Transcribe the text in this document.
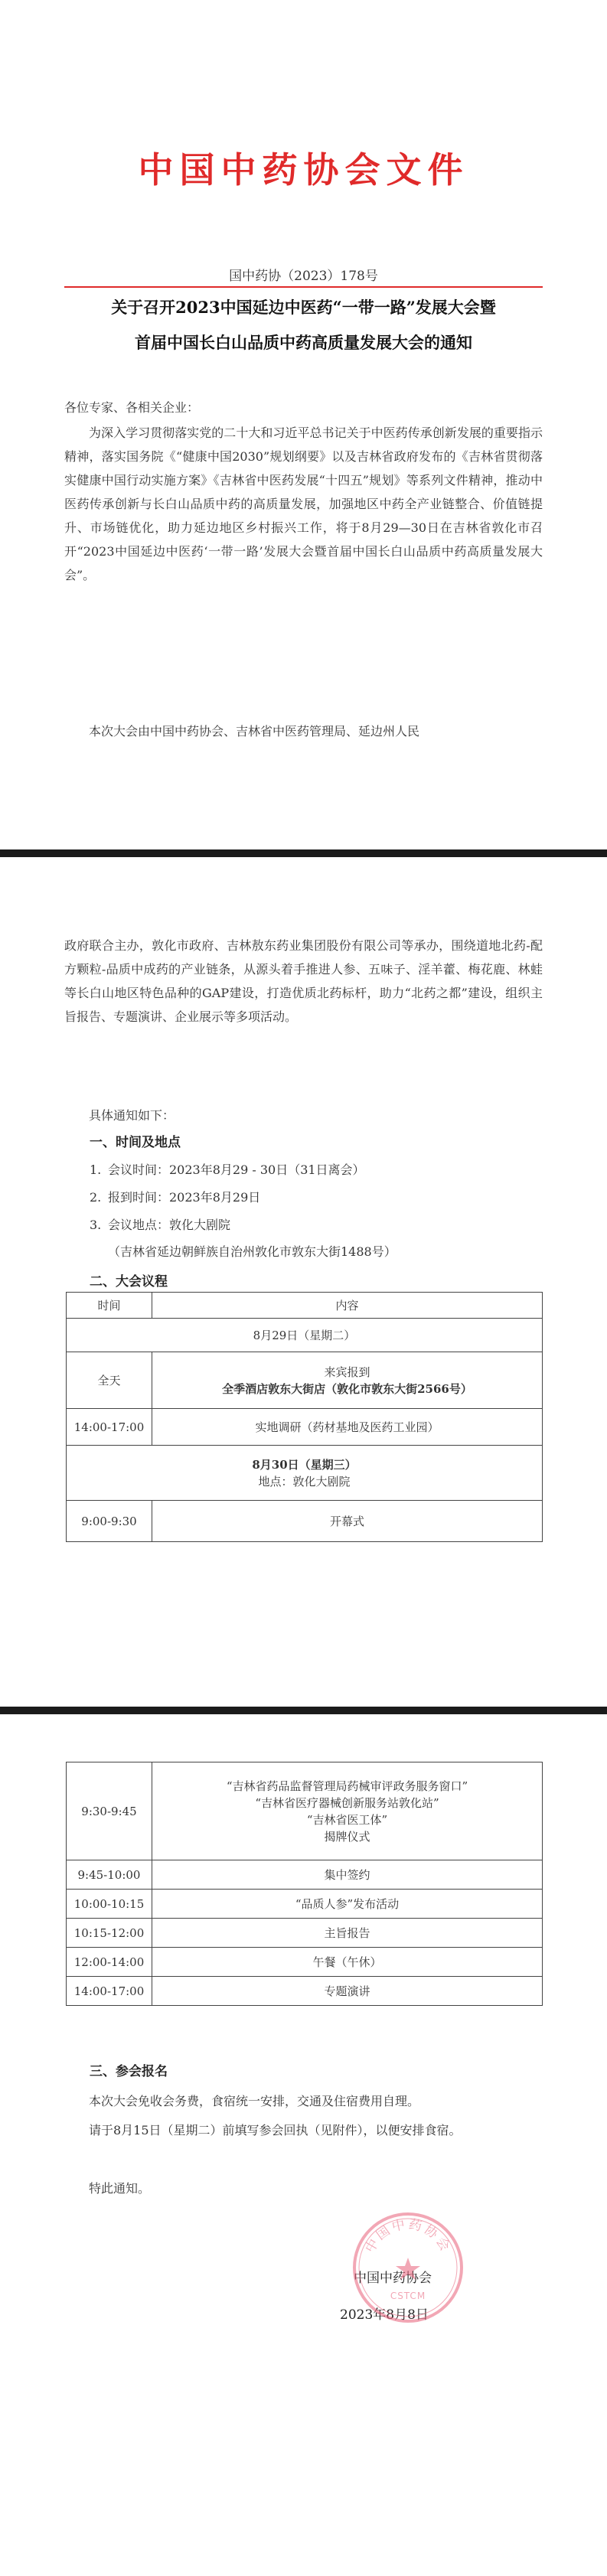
中国中药协会文件
国中药协（2023）178号
关于召开2023中国延边中医药“一带一路”发展大会暨
首届中国长白山品质中药高质量发展大会的通知
各位专家、各相关企业：
为深入学习贯彻落实党的二十大和习近平总书记关于中医药传承创新发展的重要指示精神，落实国务院《“健康中国2030”规划纲要》以及吉林省政府发布的《吉林省贯彻落实健康中国行动实施方案》《吉林省中医药发展“十四五”规划》等系列文件精神，推动中医药传承创新与长白山品质中药的高质量发展，加强地区中药全产业链整合、价值链提升、市场链优化，助力延边地区乡村振兴工作，将于8月29—30日在吉林省敦化市召开“2023中国延边中医药‘一带一路’发展大会暨首届中国长白山品质中药高质量发展大会”。
本次大会由中国中药协会、吉林省中医药管理局、延边州人民
政府联合主办，敦化市政府、吉林敖东药业集团股份有限公司等承办，围绕道地北药-配方颗粒-品质中成药的产业链条，从源头着手推进人参、五味子、淫羊藿、梅花鹿、林蛙等长白山地区特色品种的GAP建设，打造优质北药标杆，助力“北药之都”建设，组织主旨报告、专题演讲、企业展示等多项活动。
具体通知如下：
一、时间及地点
1. 会议时间：2023年8月29 - 30日（31日离会）
2. 报到时间：2023年8月29日
3. 会议地点：敦化大剧院
（吉林省延边朝鲜族自治州敦化市敦东大街1488号）
二、大会议程
时间	内容
8月29日（星期二）	
全天	来宾报到
全季酒店敦东大街店（敦化市敦东大街2566号）

14:00-17:00	实地调研（药材基地及医药工业园）

8月30日（星期三）
地点：敦化大剧院	

9:00-9:30	开幕式
9:30-9:45	“吉林省药品监督管理局药械审评政务服务窗口”
“吉林省医疗器械创新服务站敦化站”
“吉林省医工体”
揭牌仪式

9:45-10:00	集中签约
10:00-10:15	“品质人参”发布活动
10:15-12:00	主旨报告
12:00-14:00	午餐（午休）
14:00-17:00	专题演讲
三、参会报名
本次大会免收会务费，食宿统一安排，交通及住宿费用自理。
请于8月15日（星期二）前填写参会回执（见附件），以便安排食宿。
特此通知。
中国中药协会
2023年8月8日
中国中药协会
CSTCM
